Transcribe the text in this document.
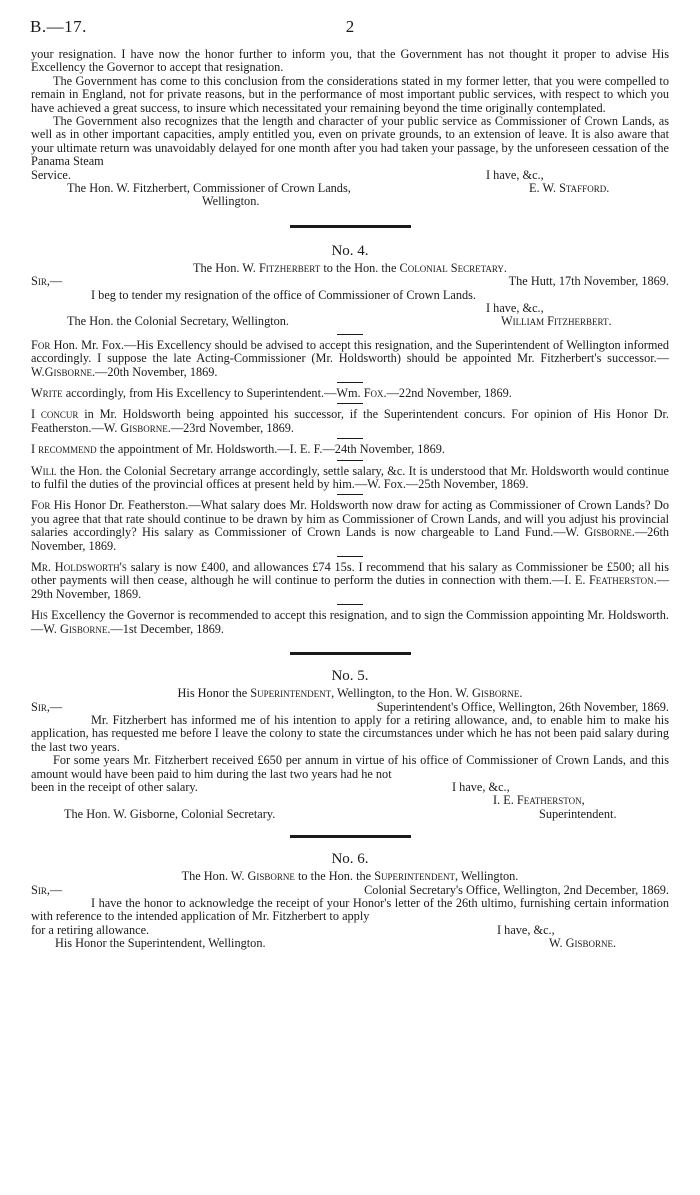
B.—17.	2

your resignation. I have now the honor further to inform you, that the Government has not thought it proper to advise His Excellency the Governor to accept that resignation.

The Government has come to this conclusion from the considerations stated in my former letter, that you were compelled to remain in England, not for private reasons, but in the performance of most important public services, with respect to which you have achieved a great success, to insure which necessitated your remaining beyond the time originally contemplated.

The Government also recognizes that the length and character of your public service as Commissioner of Crown Lands, as well as in other important capacities, amply entitled you, even on private grounds, to an extension of leave. It is also aware that your ultimate return was unavoidably delayed for one month after you had taken your passage, by the unforeseen cessation of the Panama Steam

Service.	I have, &c.,
The Hon. W. Fitzherbert, Commissioner of Crown Lands,	E. W. Stafford.
Wellington.

No. 4.

The Hon. W. Fitzherbert to the Hon. the Colonial Secretary.

Sir,—	The Hutt, 17th November, 1869.
I beg to tender my resignation of the office of Commissioner of Crown Lands.
I have, &c.,
The Hon. the Colonial Secretary, Wellington.	William Fitzherbert.

For Hon. Mr. Fox.—His Excellency should be advised to accept this resignation, and the Superintendent of Wellington informed accordingly. I suppose the late Acting-Commissioner (Mr. Holdsworth) should be appointed Mr. Fitzherbert's successor.—W.Gisborne.—20th November, 1869.

Write accordingly, from His Excellency to Superintendent.—Wm. Fox.—22nd November, 1869.

I concur in Mr. Holdsworth being appointed his successor, if the Superintendent concurs. For opinion of His Honor Dr. Featherston.—W. Gisborne.—23rd November, 1869.

I recommend the appointment of Mr. Holdsworth.—I. E. F.—24th November, 1869.

Will the Hon. the Colonial Secretary arrange accordingly, settle salary, &c. It is understood that Mr. Holdsworth would continue to fulfil the duties of the provincial offices at present held by him.—W. Fox.—25th November, 1869.

For His Honor Dr. Featherston.—What salary does Mr. Holdsworth now draw for acting as Commissioner of Crown Lands? Do you agree that that rate should continue to be drawn by him as Commissioner of Crown Lands, and will you adjust his provincial salaries accordingly? His salary as Commissioner of Crown Lands is now chargeable to Land Fund.—W. Gisborne.—26th November, 1869.

Mr. Holdsworth's salary is now £400, and allowances £74 15s. I recommend that his salary as Commissioner be £500; all his other payments will then cease, although he will continue to perform the duties in connection with them.—I. E. Featherston.—29th November, 1869.

His Excellency the Governor is recommended to accept this resignation, and to sign the Commission appointing Mr. Holdsworth.—W. Gisborne.—1st December, 1869.

No. 5.

His Honor the Superintendent, Wellington, to the Hon. W. Gisborne.

Sir,—	Superintendent's Office, Wellington, 26th November, 1869.

Mr. Fitzherbert has informed me of his intention to apply for a retiring allowance, and, to enable him to make his application, has requested me before I leave the colony to state the circumstances under which he has not been paid salary during the last two years.

For some years Mr. Fitzherbert received £650 per annum in virtue of his office of Commissioner of Crown Lands, and this amount would have been paid to him during the last two years had he not

been in the receipt of other salary.	I have, &c.,
I. E. Featherston,
The Hon. W. Gisborne, Colonial Secretary.	Superintendent.

No. 6.

The Hon. W. Gisborne to the Hon. the Superintendent, Wellington.

Sir,—	Colonial Secretary's Office, Wellington, 2nd December, 1869.

I have the honor to acknowledge the receipt of your Honor's letter of the 26th ultimo, furnishing certain information with reference to the intended application of Mr. Fitzherbert to apply

for a retiring allowance.	I have, &c.,
His Honor the Superintendent, Wellington.	W. Gisborne.
